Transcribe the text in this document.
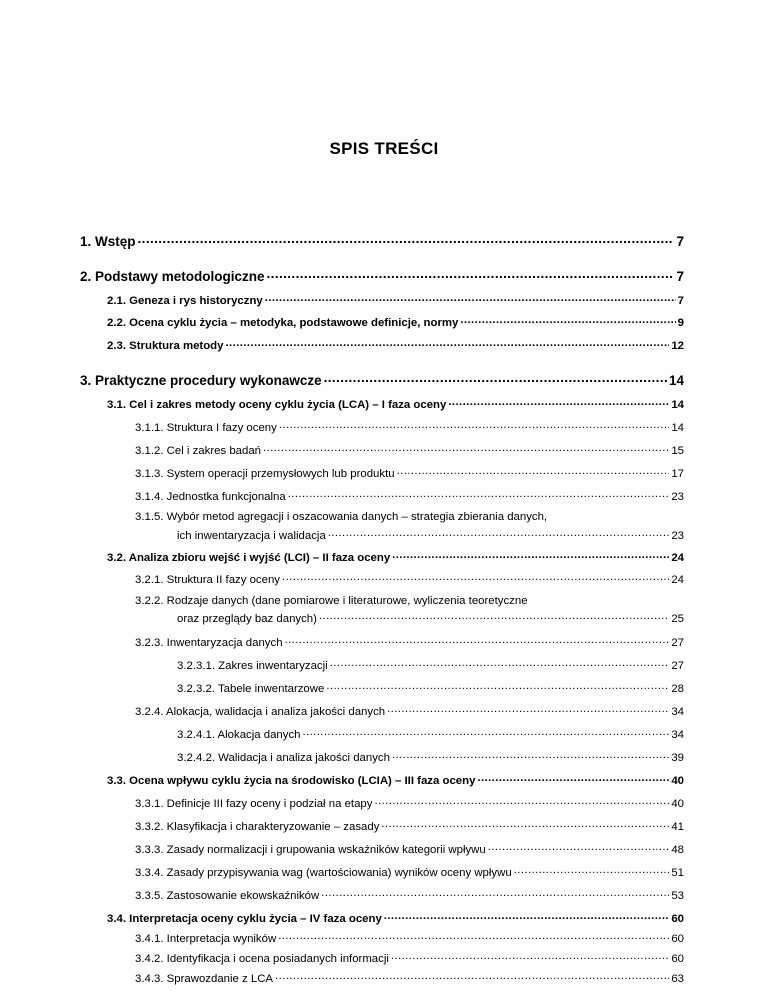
SPIS TREŚCI
1. Wstęp .....	7
2. Podstawy metodologiczne .....	7
2.1. Geneza i rys historyczny .....	7
2.2. Ocena cyklu życia – metodyka, podstawowe definicje, normy .....	9
2.3. Struktura metody .....	12
3. Praktyczne procedury wykonawcze .....	14
3.1. Cel i zakres metody oceny cyklu życia (LCA) – I faza oceny .....	14
3.1.1. Struktura I fazy oceny .....	14
3.1.2. Cel i zakres badań .....	15
3.1.3. System operacji przemysłowych lub produktu .....	17
3.1.4. Jednostka funkcjonalna .....	23
3.1.5. Wybór metod agregacji i oszacowania danych – strategia zbierania danych,
ich inwentaryzacja i walidacja .....	23
3.2. Analiza zbioru wejść i wyjść (LCI) – II faza oceny .....	24
3.2.1. Struktura II fazy oceny .....	24
3.2.2. Rodzaje danych (dane pomiarowe i literaturowe, wyliczenia teoretyczne
oraz przeglądy baz danych) .....	25
3.2.3. Inwentaryzacja danych .....	27
3.2.3.1. Zakres inwentaryzacji .....	27
3.2.3.2. Tabele inwentarzowe .....	28
3.2.4. Alokacja, walidacja i analiza jakości danych .....	34
3.2.4.1. Alokacja danych .....	34
3.2.4.2. Walidacja i analiza jakości danych .....	39
3.3. Ocena wpływu cyklu życia na środowisko (LCIA) – III faza oceny .....	40
3.3.1. Definicje III fazy oceny i podział na etapy .....	40
3.3.2. Klasyfikacja i charakteryzowanie – zasady .....	41
3.3.3. Zasady normalizacji i grupowania wskaźników kategorii wpływu .....	48
3.3.4. Zasady przypisywania wag (wartościowania) wyników oceny wpływu .....	51
3.3.5. Zastosowanie ekowskaźników .....	53
3.4. Interpretacja oceny cyklu życia – IV faza oceny .....	60
3.4.1. Interpretacja wyników .....	60
3.4.2. Identyfikacja i ocena posiadanych informacji .....	60
3.4.3. Sprawozdanie z LCA .....	63
